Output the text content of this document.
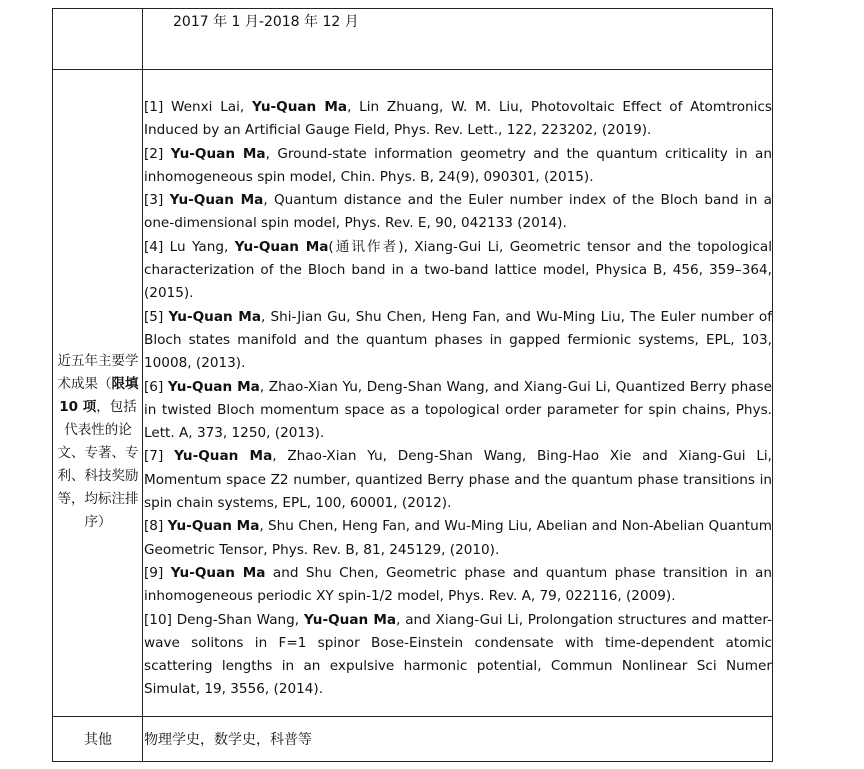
2017 年 1 月-2018 年 12 月
近五年主要学术成果（限填 10 项，包括代表性的论文、专著、专利、科技奖励等，均标注排序）

[1] Wenxi Lai, Yu-Quan Ma, Lin Zhuang, W. M. Liu, Photovoltaic Effect of Atomtronics Induced by an Artificial Gauge Field, Phys. Rev. Lett., 122, 223202, (2019).

[2] Yu-Quan Ma, Ground-state information geometry and the quantum criticality in an inhomogeneous spin model, Chin. Phys. B, 24(9), 090301, (2015).

[3] Yu-Quan Ma, Quantum distance and the Euler number index of the Bloch band in a one-dimensional spin model, Phys. Rev. E, 90, 042133 (2014).

[4] Lu Yang, Yu-Quan Ma(通讯作者), Xiang-Gui Li, Geometric tensor and the topological characterization of the Bloch band in a two-band lattice model, Physica B, 456, 359–364, (2015).

[5] Yu-Quan Ma, Shi-Jian Gu, Shu Chen, Heng Fan, and Wu-Ming Liu, The Euler number of Bloch states manifold and the quantum phases in gapped fermionic systems, EPL, 103, 10008, (2013).

[6] Yu-Quan Ma, Zhao-Xian Yu, Deng-Shan Wang, and Xiang-Gui Li, Quantized Berry phase in twisted Bloch momentum space as a topological order parameter for spin chains, Phys. Lett. A, 373, 1250, (2013).

[7] Yu-Quan Ma, Zhao-Xian Yu, Deng-Shan Wang, Bing-Hao Xie and Xiang-Gui Li, Momentum space Z2 number, quantized Berry phase and the quantum phase transitions in spin chain systems, EPL, 100, 60001, (2012).

[8] Yu-Quan Ma, Shu Chen, Heng Fan, and Wu-Ming Liu, Abelian and Non-Abelian Quantum Geometric Tensor, Phys. Rev. B, 81, 245129, (2010).

[9] Yu-Quan Ma and Shu Chen, Geometric phase and quantum phase transition in an inhomogeneous periodic XY spin-1/2 model, Phys. Rev. A, 79, 022116, (2009).

[10] Deng-Shan Wang, Yu-Quan Ma, and Xiang-Gui Li, Prolongation structures and matter-wave solitons in F=1 spinor Bose-Einstein condensate with time-dependent atomic scattering lengths in an expulsive harmonic potential, Commun Nonlinear Sci Numer Simulat, 19, 3556, (2014).

其他	物理学史，数学史，科普等
